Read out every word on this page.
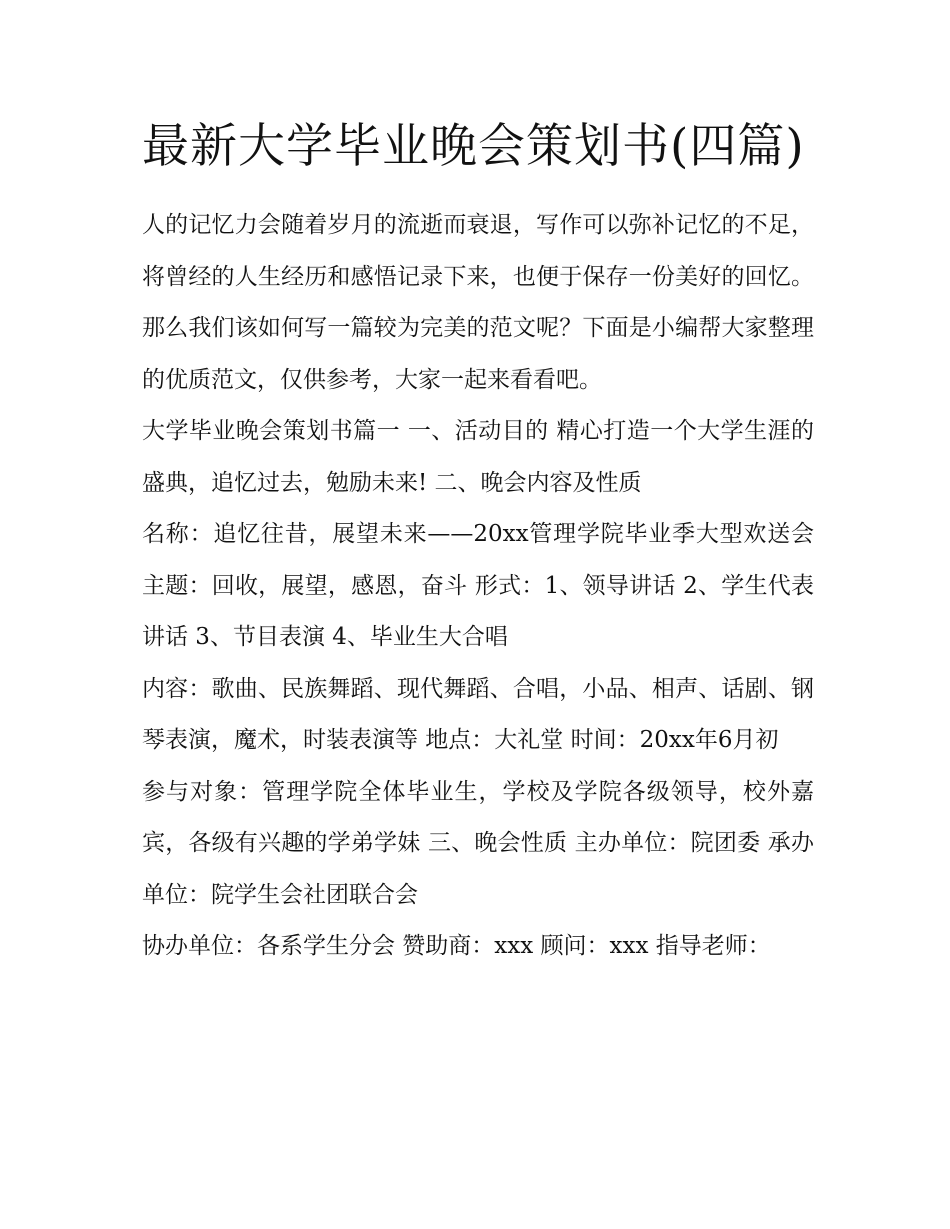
最新大学毕业晚会策划书(四篇)

人的记忆力会随着岁月的流逝而衰退，写作可以弥补记忆的不足，将曾经的人生经历和感悟记录下来，也便于保存一份美好的回忆。那么我们该如何写一篇较为完美的范文呢？下面是小编帮大家整理的优质范文，仅供参考，大家一起来看看吧。

大学毕业晚会策划书篇一 一、活动目的 精心打造一个大学生涯的盛典，追忆过去，勉励未来! 二、晚会内容及性质

名称：追忆往昔，展望未来——20xx管理学院毕业季大型欢送会 主题：回收，展望，感恩，奋斗 形式：1、领导讲话 2、学生代表讲话 3、节目表演 4、毕业生大合唱

内容：歌曲、民族舞蹈、现代舞蹈、合唱，小品、相声、话剧、钢琴表演，魔术，时装表演等 地点：大礼堂 时间：20xx年6月初

参与对象：管理学院全体毕业生，学校及学院各级领导，校外嘉宾，各级有兴趣的学弟学妹 三、晚会性质 主办单位：院团委 承办单位：院学生会社团联合会

协办单位：各系学生分会 赞助商：xxx 顾问：xxx 指导老师：
